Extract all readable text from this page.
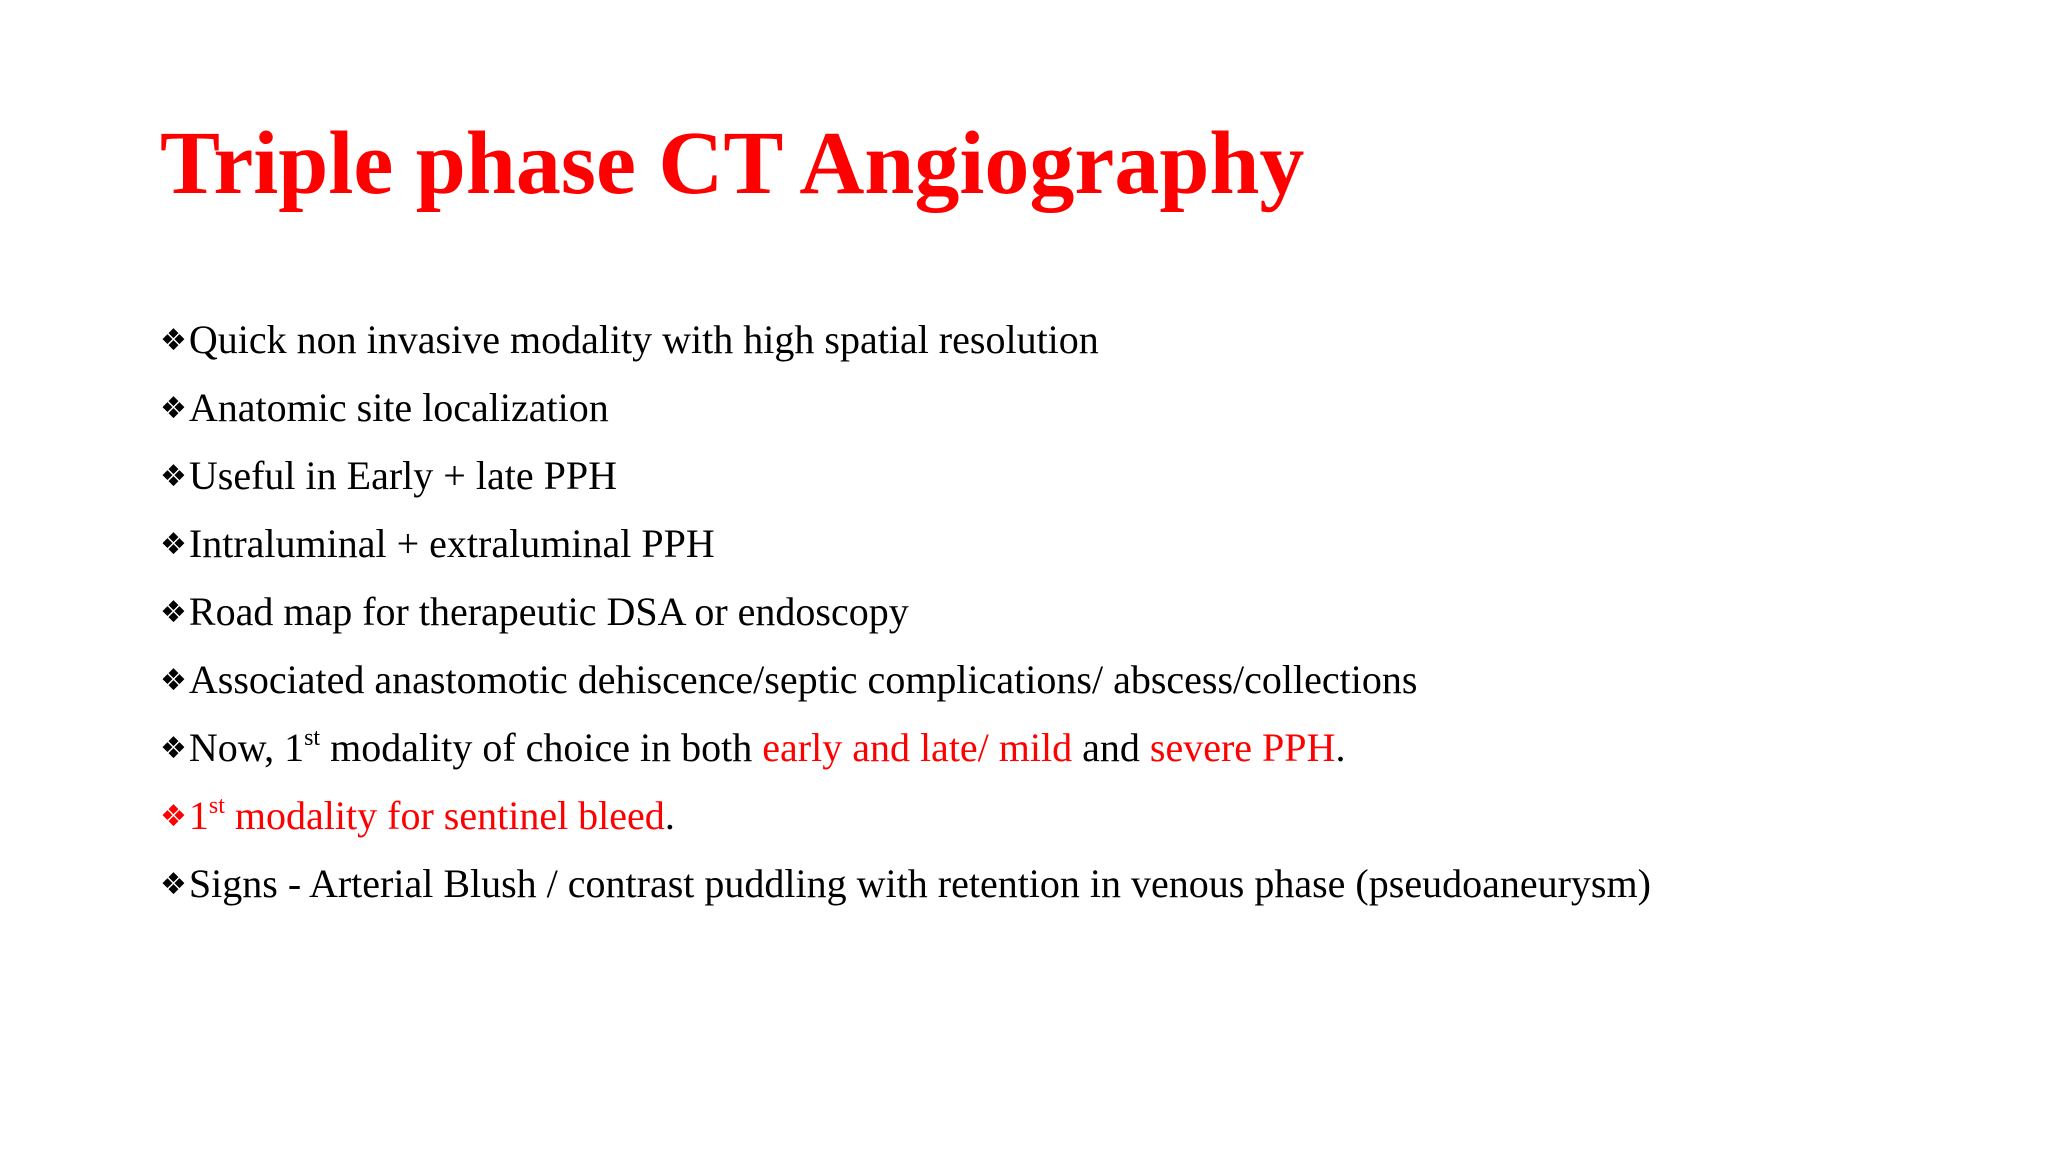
Triple phase CT Angiography
❖Quick non invasive modality with high spatial resolution
❖Anatomic site localization
❖Useful in Early + late PPH
❖Intraluminal + extraluminal PPH
❖Road map for therapeutic DSA or endoscopy
❖Associated anastomotic dehiscence/septic complications/ abscess/collections
❖Now, 1st modality of choice in both early and late/ mild and severe PPH.
❖1st modality for sentinel bleed.
❖Signs - Arterial Blush / contrast puddling with retention in venous phase (pseudoaneurysm)
